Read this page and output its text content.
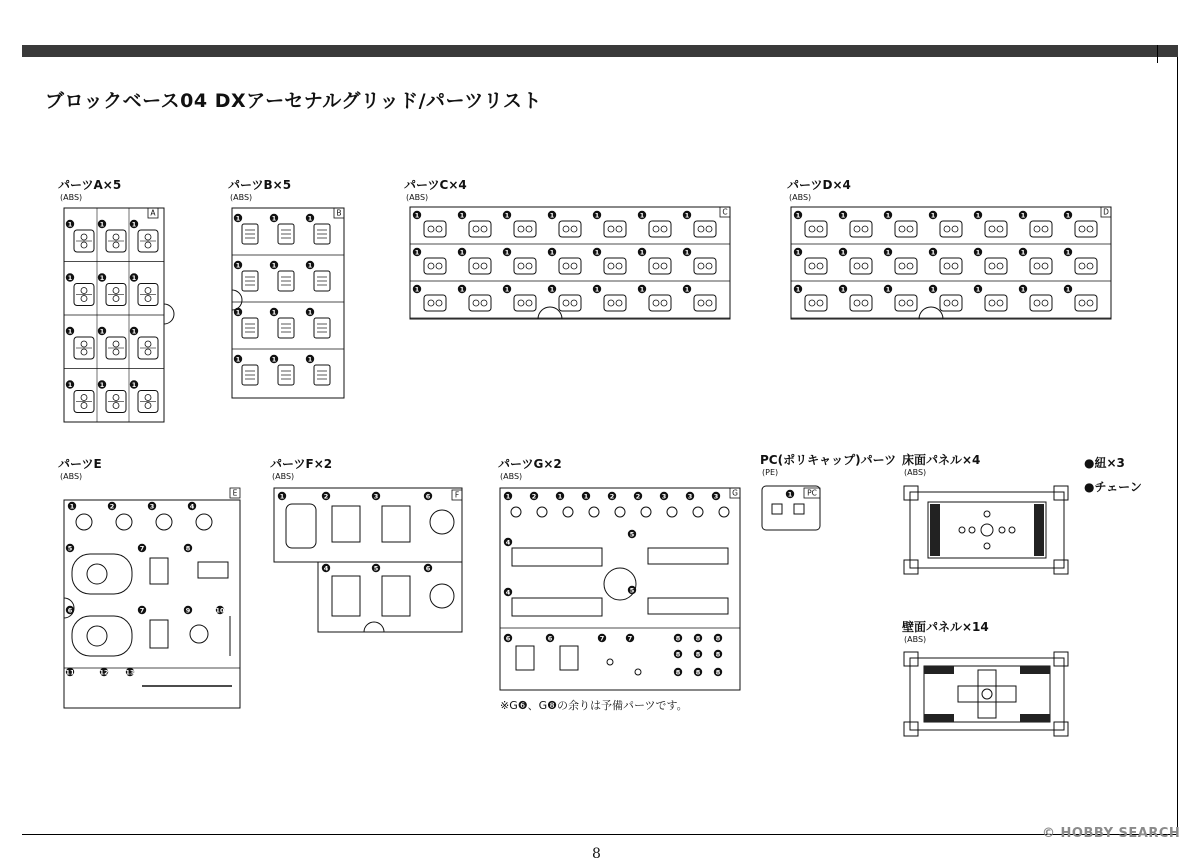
ブロックベース04 DXアーセナルグリッド/パーツリスト
パーツA×5
(ABS)
パーツB×5
(ABS)
パーツC×4
(ABS)
パーツD×4
(ABS)
パーツE
(ABS)
パーツF×2
(ABS)
パーツG×2
(ABS)
PC(ポリキャップ)パーツ
(PE)
床面パネル×4
(ABS)
壁面パネル×14
(ABS)
●紐×3
●チェーン
※G❻、G❽の余りは予備パーツです。
A
1	1	1
1	1	1
1	1	1
1	1	1
B
1	1	1
1	1	1
1	1	1
1	1	1
C
1	1	1	1	1	1	1
1	1	1	1	1	1	1
1	1	1	1	1	1	1
D
1	1	1	1	1	1	1
1	1	1	1	1	1	1
1	1	1	1	1	1	1
E
1	2	3	4
5	7	8
6	7	9	10
11	12	13
F
1	2	3	6
4	5	6
G
1	2	1	1	2	2	3	3	3
4
5
4	5
6	6	7	7	8
8
8
8
8
8
8
8
8
PC
1
© HOBBY SEARCH
8
